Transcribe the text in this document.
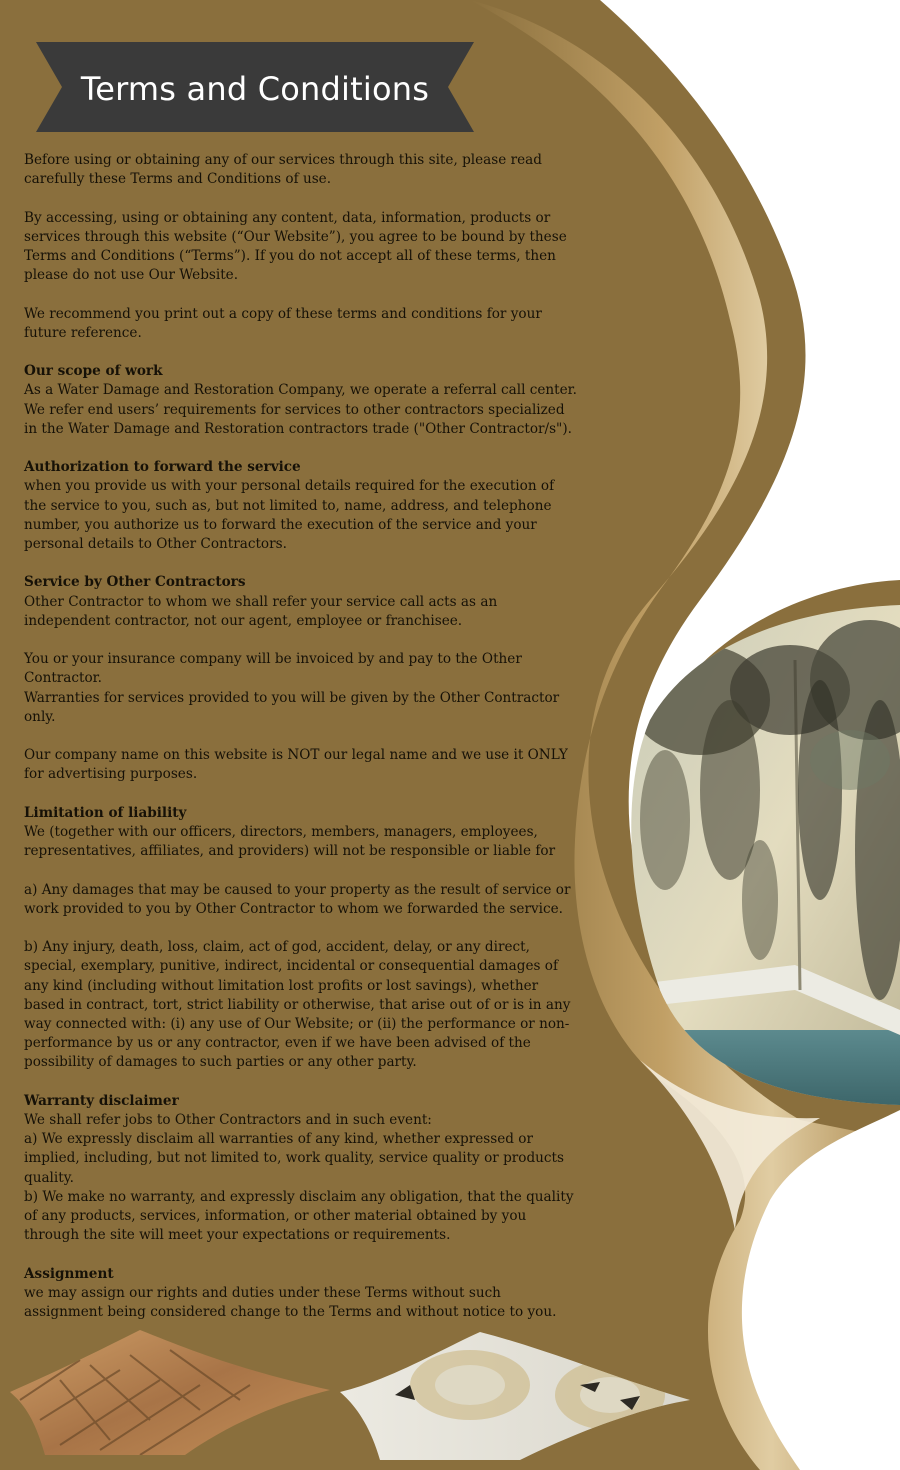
Terms and Conditions

Before using or obtaining any of our services through this site, please read carefully these Terms and Conditions of use.

By accessing, using or obtaining any content, data, information, products or services through this website (“Our Website”), you agree to be bound by these Terms and Conditions (“Terms”). If you do not accept all of these terms, then please do not use Our Website.

We recommend you print out a copy of these terms and conditions for your future reference.

Our scope of work

As a Water Damage and Restoration Company, we operate a referral call center. We refer end users’ requirements for services to other contractors specialized in the Water Damage and Restoration contractors trade ("Other Contractor/s").

Authorization to forward the service

when you provide us with your personal details required for the execution of the service to you, such as, but not limited to, name, address, and telephone number, you authorize us to forward the execution of the service and your personal details to Other Contractors.

Service by Other Contractors

Other Contractor to whom we shall refer your service call acts as an independent contractor, not our agent, employee or franchisee.

You or your insurance company will be invoiced by and pay to the Other Contractor.

Warranties for services provided to you will be given by the Other Contractor only.

Our company name on this website is NOT our legal name and we use it ONLY for advertising purposes.

Limitation of liability

We (together with our officers, directors, members, managers, employees, representatives, affiliates, and providers) will not be responsible or liable for

a) Any damages that may be caused to your property as the result of service or work provided to you by Other Contractor to whom we forwarded the service.

b) Any injury, death, loss, claim, act of god, accident, delay, or any direct, special, exemplary, punitive, indirect, incidental or consequential damages of any kind (including without limitation lost profits or lost savings), whether based in contract, tort, strict liability or otherwise, that arise out of or is in any way connected with: (i) any use of Our Website; or (ii) the performance or non-performance by us or any contractor, even if we have been advised of the possibility of damages to such parties or any other party.

Warranty disclaimer
We shall refer jobs to Other Contractors and in such event:
a) We expressly disclaim all warranties of any kind, whether expressed or implied, including, but not limited to, work quality, service quality or products quality.

b) We make no warranty, and expressly disclaim any obligation, that the quality of any products, services, information, or other material obtained by you through the site will meet your expectations or requirements.

Assignment

we may assign our rights and duties under these Terms without such assignment being considered change to the Terms and without notice to you.
